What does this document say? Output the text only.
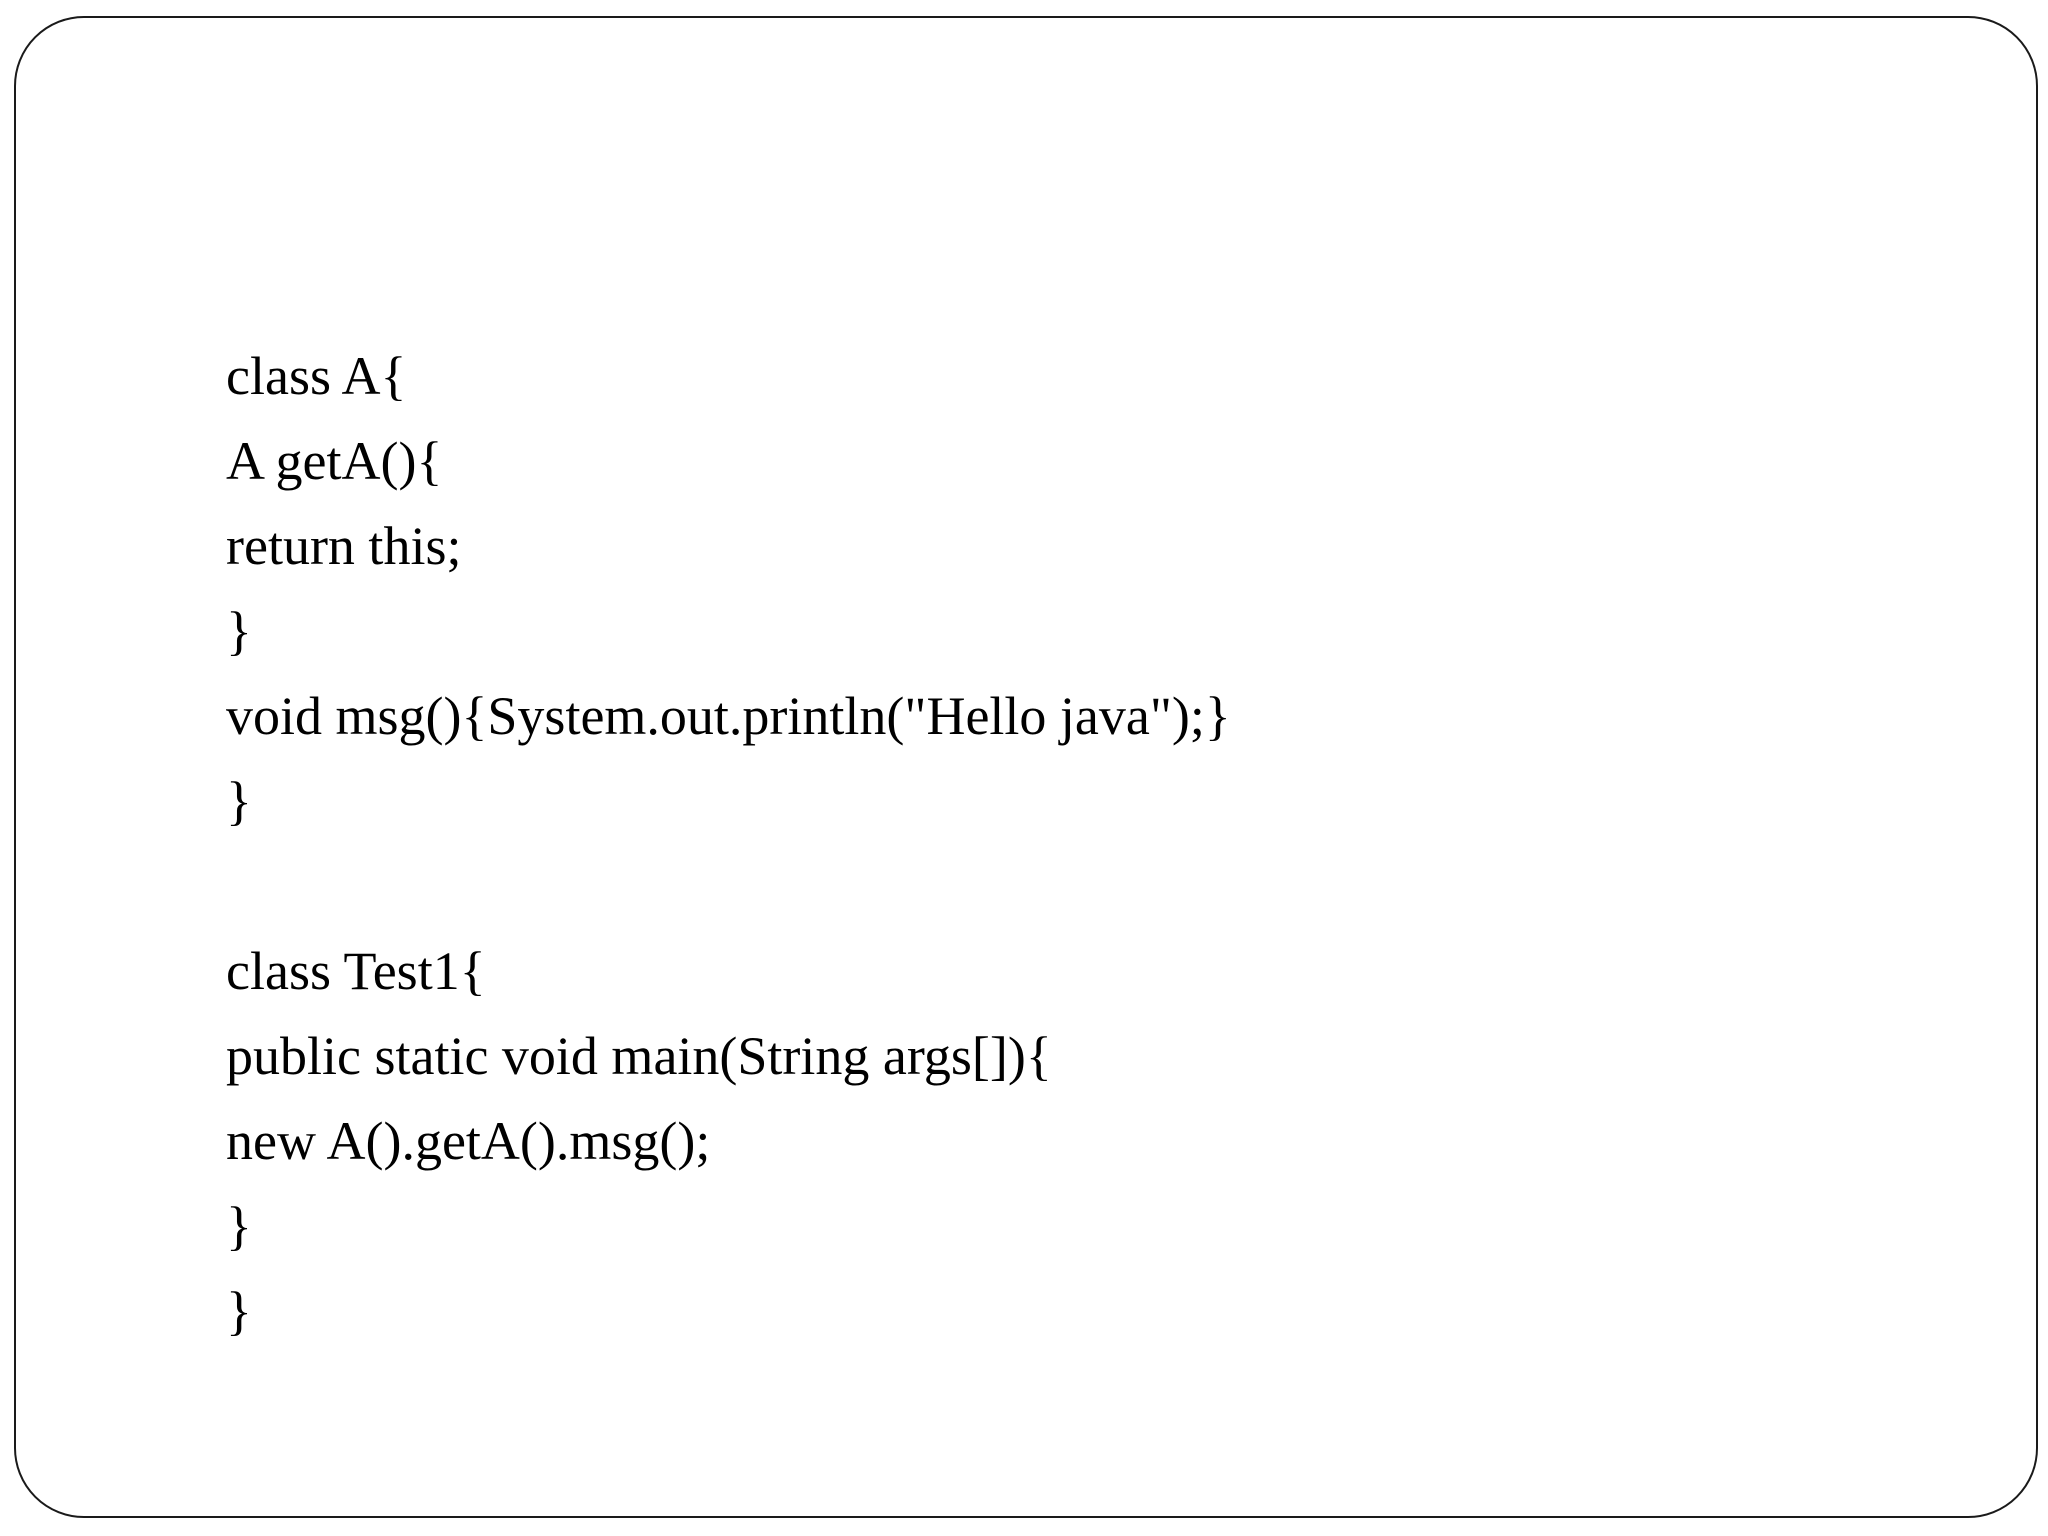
class A{
A getA(){
return this;
}
void msg(){System.out.println("Hello java");}
}
class Test1{
public static void main(String args[]){
new A().getA().msg();
}
}
